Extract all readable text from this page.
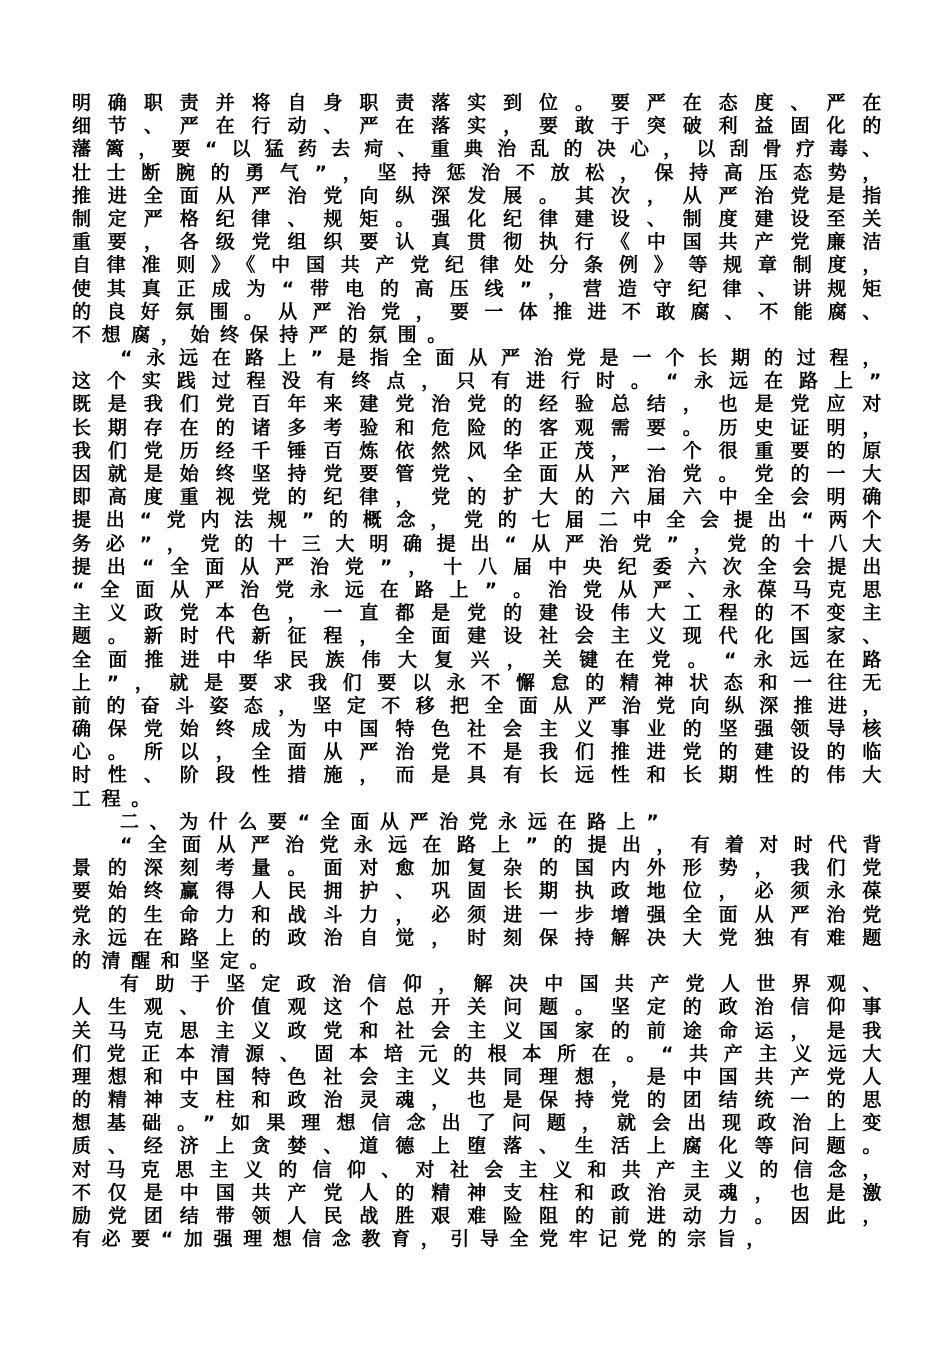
明确职责并将自身职责落实到位。要严在态度、严在
细节、严在行动、严在落实，要敢于突破利益固化的
藩篱，要“以猛药去疴、重典治乱的决心，以刮骨疗毒、
壮士断腕的勇气”，坚持惩治不放松，保持高压态势，
推进全面从严治党向纵深发展。其次，从严治党是指
制定严格纪律、规矩。强化纪律建设、制度建设至关
重要，各级党组织要认真贯彻执行《中国共产党廉洁
自律准则》《中国共产党纪律处分条例》等规章制度，
使其真正成为“带电的高压线”，营造守纪律、讲规矩
的良好氛围。从严治党，要一体推进不敢腐、不能腐、
不想腐，始终保持严的氛围。
“永远在路上”是指全面从严治党是一个长期的过程，
这个实践过程没有终点，只有进行时。“永远在路上”
既是我们党百年来建党治党的经验总结，也是党应对
长期存在的诸多考验和危险的客观需要。历史证明，
我们党历经千锤百炼依然风华正茂，一个很重要的原
因就是始终坚持党要管党、全面从严治党。党的一大
即高度重视党的纪律，党的扩大的六届六中全会明确
提出“党内法规”的概念，党的七届二中全会提出“两个
务必”，党的十三大明确提出“从严治党”，党的十八大
提出“全面从严治党”，十八届中央纪委六次全会提出
“全面从严治党永远在路上”。治党从严、永葆马克思
主义政党本色，一直都是党的建设伟大工程的不变主
题。新时代新征程，全面建设社会主义现代化国家、
全面推进中华民族伟大复兴，关键在党。“永远在路
上”，就是要求我们要以永不懈怠的精神状态和一往无
前的奋斗姿态，坚定不移把全面从严治党向纵深推进，
确保党始终成为中国特色社会主义事业的坚强领导核
心。所以，全面从严治党不是我们推进党的建设的临
时性、阶段性措施，而是具有长远性和长期性的伟大
工程。
二、为什么要“全面从严治党永远在路上”
“全面从严治党永远在路上”的提出，有着对时代背
景的深刻考量。面对愈加复杂的国内外形势，我们党
要始终赢得人民拥护、巩固长期执政地位，必须永葆
党的生命力和战斗力，必须进一步增强全面从严治党
永远在路上的政治自觉，时刻保持解决大党独有难题
的清醒和坚定。
有助于坚定政治信仰，解决中国共产党人世界观、
人生观、价值观这个总开关问题。坚定的政治信仰事
关马克思主义政党和社会主义国家的前途命运，是我
们党正本清源、固本培元的根本所在。“共产主义远大
理想和中国特色社会主义共同理想，是中国共产党人
的精神支柱和政治灵魂，也是保持党的团结统一的思
想基础。”如果理想信念出了问题，就会出现政治上变
质、经济上贪婪、道德上堕落、生活上腐化等问题。
对马克思主义的信仰、对社会主义和共产主义的信念，
不仅是中国共产党人的精神支柱和政治灵魂，也是激
励党团结带领人民战胜艰难险阻的前进动力。因此，
有必要“加强理想信念教育，引导全党牢记党的宗旨，
